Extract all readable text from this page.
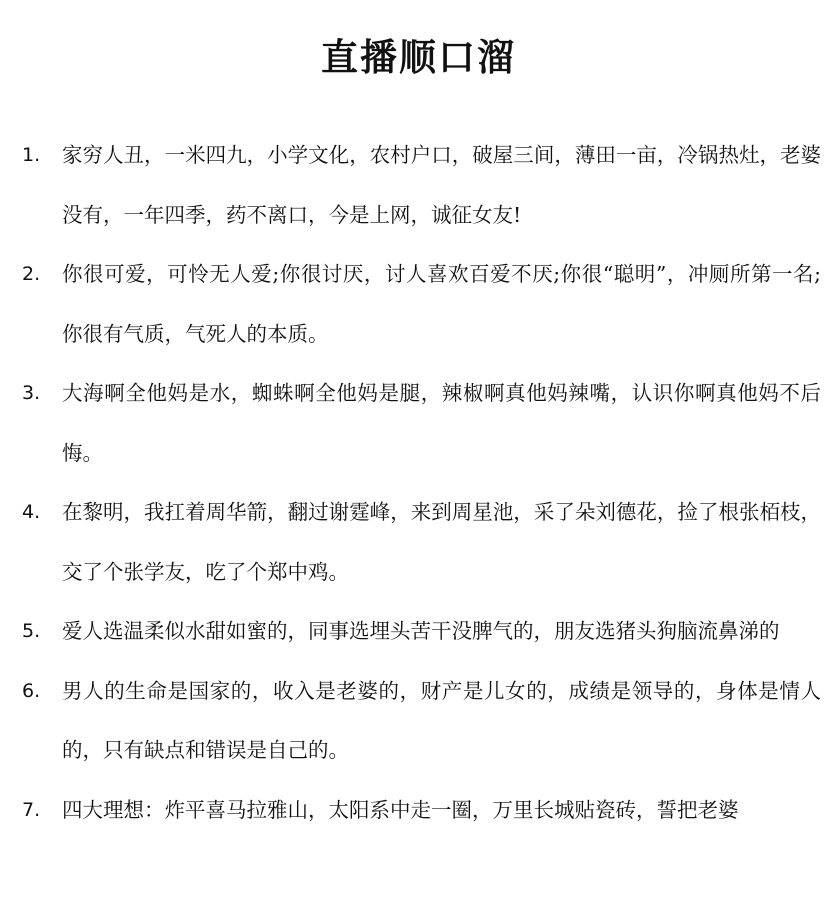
直播顺口溜
1. 家穷人丑，一米四九，小学文化，农村户口，破屋三间，薄田一亩，冷锅热灶，老婆没有，一年四季，药不离口，今是上网，诚征女友!
2. 你很可爱，可怜无人爱;你很讨厌，讨人喜欢百爱不厌;你很“聪明”，冲厕所第一名;你很有气质，气死人的本质。
3. 大海啊全他妈是水，蜘蛛啊全他妈是腿，辣椒啊真他妈辣嘴，认识你啊真他妈不后悔。
4. 在黎明，我扛着周华箭，翻过谢霆峰，来到周星池，采了朵刘德花，捡了根张栢枝，交了个张学友，吃了个郑中鸡。
5. 爱人选温柔似水甜如蜜的，同事选埋头苦干没脾气的，朋友选猪头狗脑流鼻涕的
6. 男人的生命是国家的，收入是老婆的，财产是儿女的，成绩是领导的，身体是情人的，只有缺点和错误是自己的。
7. 四大理想：炸平喜马拉雅山，太阳系中走一圈，万里长城贴瓷砖，誓把老婆
